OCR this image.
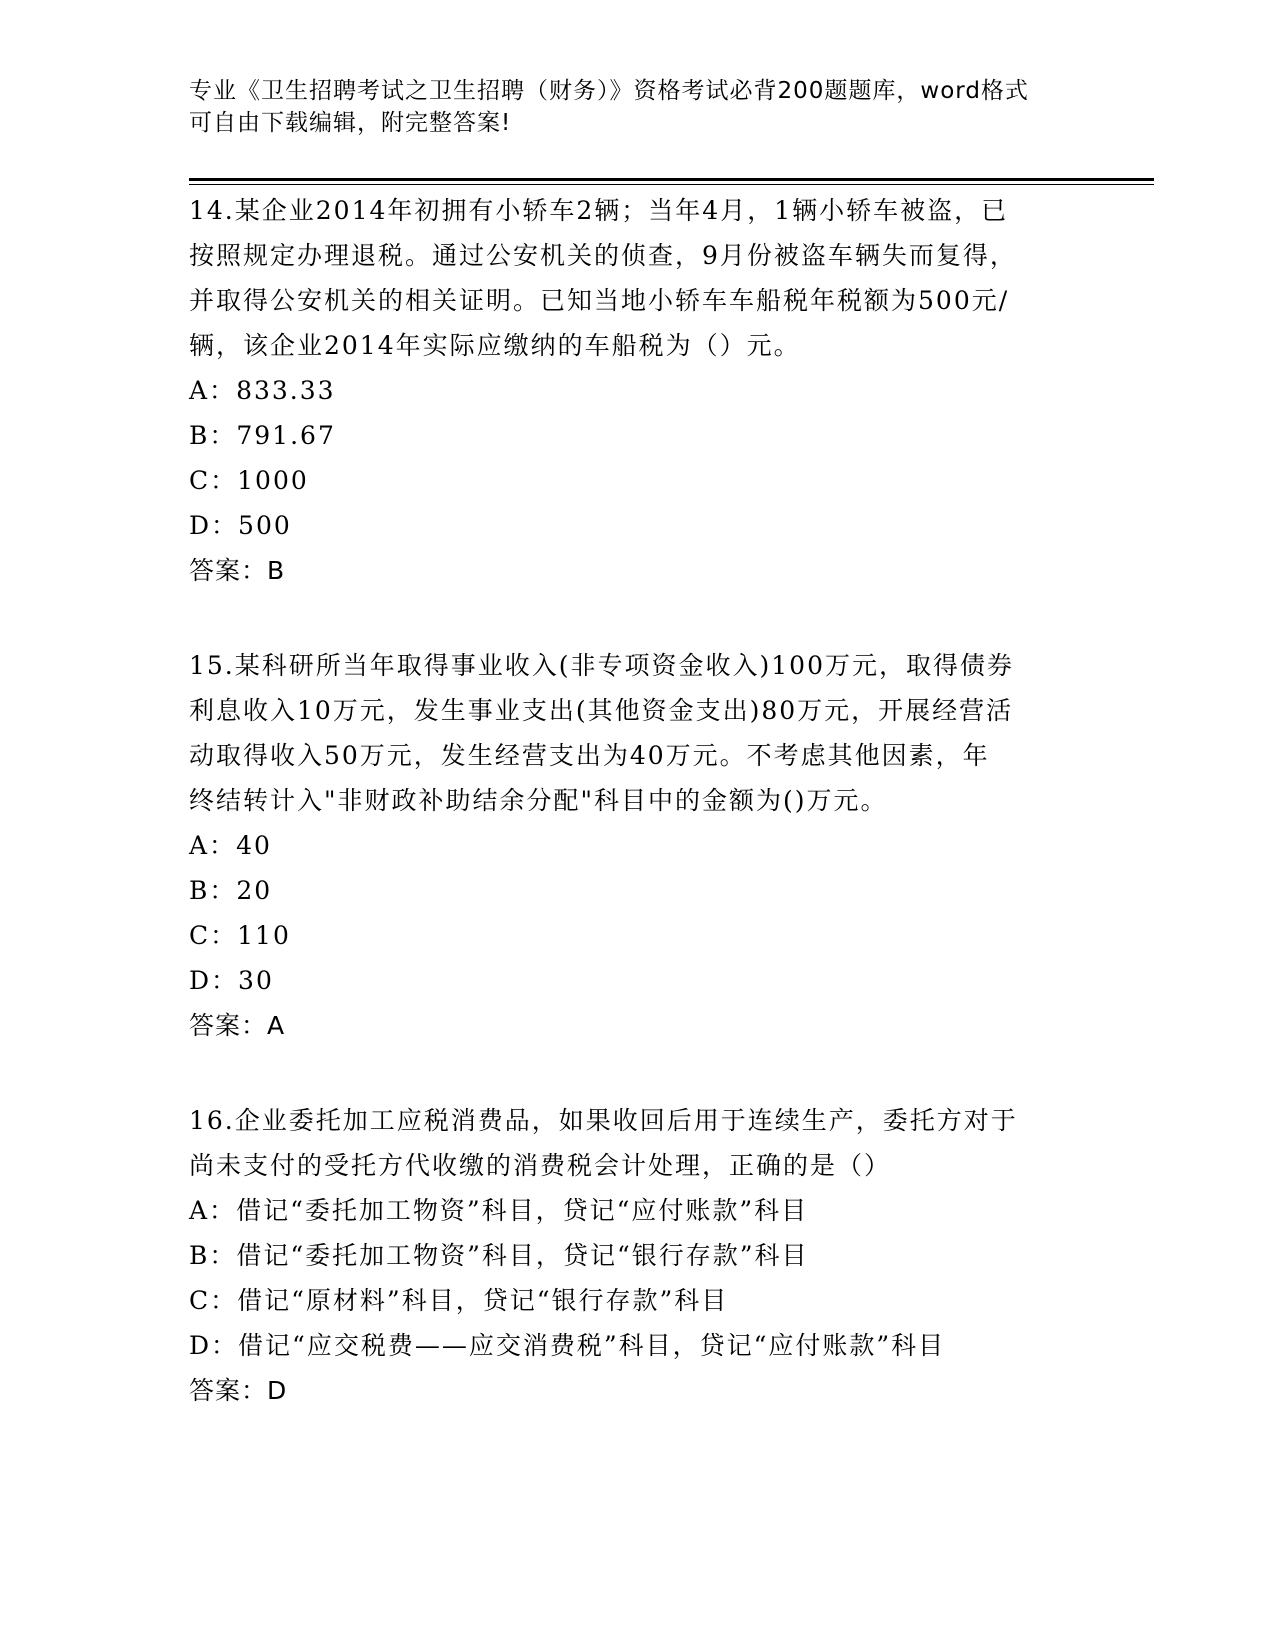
专业《卫生招聘考试之卫生招聘（财务）》资格考试必背200题题库，word格式
可自由下载编辑，附完整答案!
14.某企业2014年初拥有小轿车2辆；当年4月，1辆小轿车被盗，已
按照规定办理退税。通过公安机关的侦查，9月份被盗车辆失而复得，
并取得公安机关的相关证明。已知当地小轿车车船税年税额为500元/
辆，该企业2014年实际应缴纳的车船税为（）元。
A：833.33
B：791.67
C：1000
D：500
答案：B
15.某科研所当年取得事业收入(非专项资金收入)100万元，取得债券
利息收入10万元，发生事业支出(其他资金支出)80万元，开展经营活
动取得收入50万元，发生经营支出为40万元。不考虑其他因素，年
终结转计入"非财政补助结余分配"科目中的金额为()万元。
A：40
B：20
C：110
D：30
答案：A
16.企业委托加工应税消费品，如果收回后用于连续生产，委托方对于
尚未支付的受托方代收缴的消费税会计处理，正确的是（）
A：借记“委托加工物资”科目，贷记“应付账款”科目
B：借记“委托加工物资”科目，贷记“银行存款”科目
C：借记“原材料”科目，贷记“银行存款”科目
D：借记“应交税费——应交消费税”科目，贷记“应付账款”科目
答案：D
